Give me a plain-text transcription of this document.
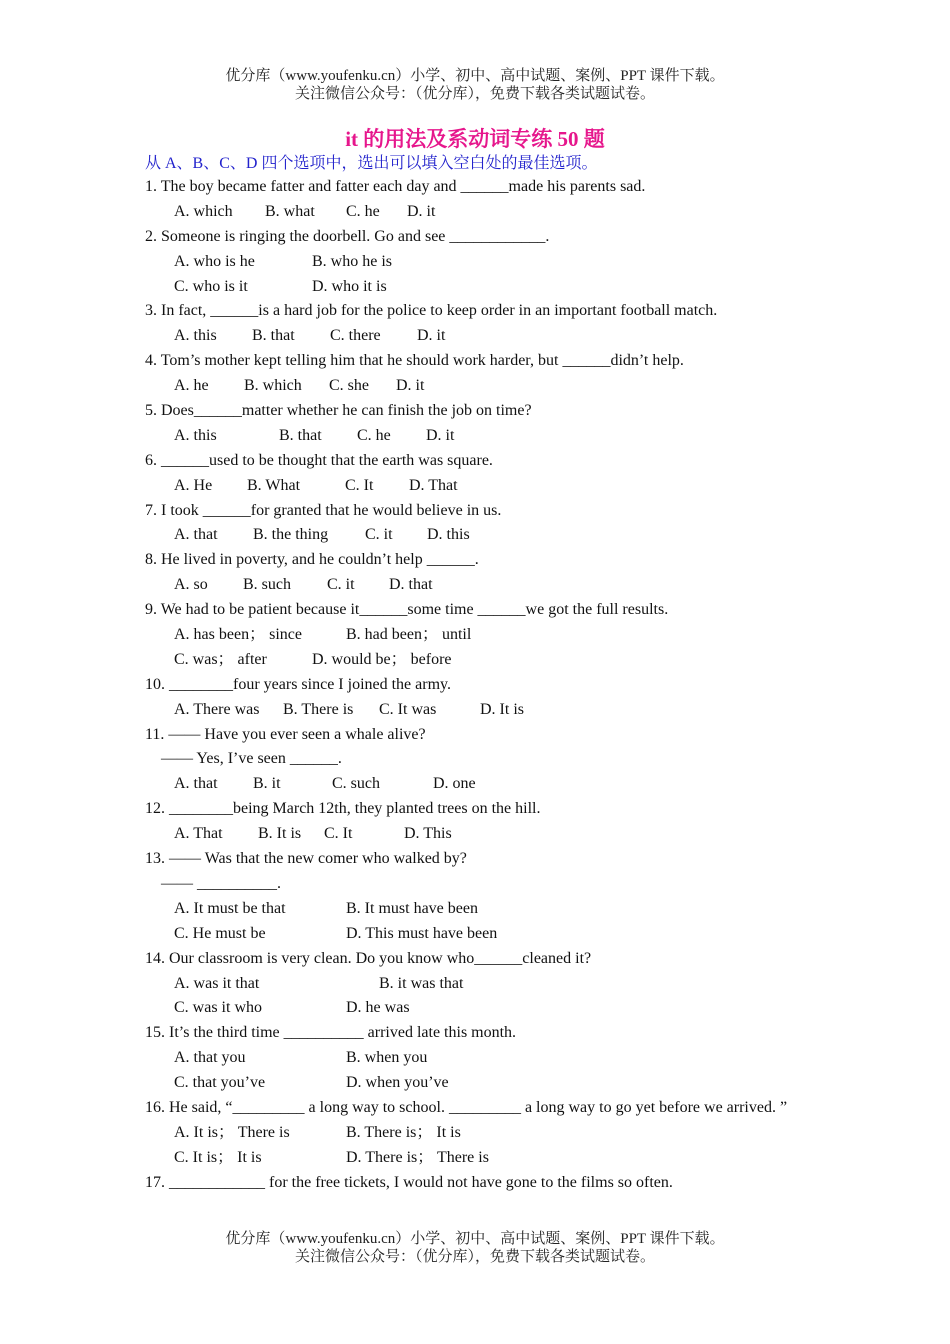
优分库（www.youfenku.cn）小学、初中、高中试题、案例、PPT 课件下载。
关注微信公众号：（优分库），免费下载各类试题试卷。
it 的用法及系动词专练 50 题
从 A、B、C、D 四个选项中，选出可以填入空白处的最佳选项。
1. The boy became fatter and fatter each day and ______made his parents sad.
A. which B. what C. he D. it
2. Someone is ringing the doorbell. Go and see ____________.
A. who is he	B. who he is
C. who is it	D. who it is
3. In fact, ______is a hard job for the police to keep order in an important football match.
A. this B. that C. there D. it
4. Tom’s mother kept telling him that he should work harder, but ______didn’t help.
A. he B. which C. she D. it
5. Does______matter whether he can finish the job on time?
A. this	B. that C. he D. it
6. ______used to be thought that the earth was square.
A. He B. What	C. It D. That
7. I took ______for granted that he would believe in us.
A. that B. the thing C. it D. this
8. He lived in poverty, and he couldn’t help ______.
A. so B. such C. it D. that
9. We had to be patient because it______some time ______we got the full results.
A. has been； since	B. had been； until
C. was； after	D. would be； before
10. ________four years since I joined the army.
A. There was B. There is C. It was	D. It is
11. —— Have you ever seen a whale alive?
—— Yes, I’ve seen ______.
A. that B. it	C. such	D. one
12. ________being March 12th, they planted trees on the hill.
A. That B. It is C. It	D. This
13. —— Was that the new comer who walked by?
—— __________.
A. It must be that	B. It must have been
C. He must be	D. This must have been
14. Our classroom is very clean. Do you know who______cleaned it?
A. was it that	B. it was that
C. was it who	D. he was
15. It’s the third time __________ arrived late this month.
A. that you	B. when you
C. that you’ve	D. when you’ve
16. He said, “_________ a long way to school. _________ a long way to go yet before we arrived. ”
A. It is； There is	B. There is； It is
C. It is； It is	D. There is； There is
17. ____________ for the free tickets, I would not have gone to the films so often.
优分库（www.youfenku.cn）小学、初中、高中试题、案例、PPT 课件下载。
关注微信公众号：（优分库），免费下载各类试题试卷。
